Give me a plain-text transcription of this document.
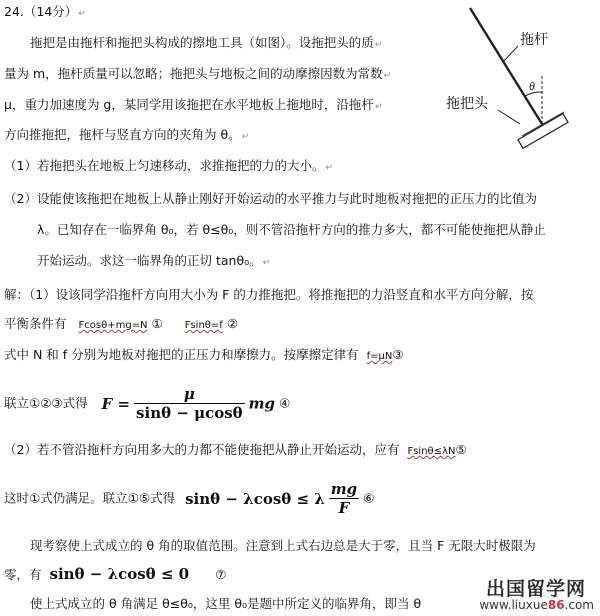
24.（14分）↵
拖把是由拖杆和拖把头构成的擦地工具（如图）。设拖把头的质↵
量为 m，拖杆质量可以忽略；拖把头与地板之间的动摩擦因数为常数↵
μ，重力加速度为 g，某同学用该拖把在水平地板上拖地时，沿拖杆↵
方向推拖把，拖杆与竖直方向的夹角为 θ。↵
（1）若拖把头在地板上匀速移动，求推拖把的力的大小。↵
（2）设能使该拖把在地板上从静止刚好开始运动的水平推力与此时地板对拖把的正压力的比值为
λ。已知存在一临界角 θ₀，若 θ≤θ₀，则不管沿拖杆方向的推力多大，都不可能使拖把从静止
开始运动。求这一临界角的正切 tanθ₀。↵
拖杆
拖把头
θ
解：（1）设该同学沿拖杆方向用大小为 F 的力推拖把。将推拖把的力沿竖直和水平方向分解，按
平衡条件有 Fcosθ+mg=N ① Fsinθ=f ②
式中 N 和 f 分别为地板对拖把的正压力和摩擦力。按摩擦定律有 f=μN③
联立①②③式得 $F = \frac{\mu}{\sin\theta - \mu\cos\theta}$ mg ④
（2）若不管沿拖杆方向用多大的力都不能使拖把从静止开始运动，应有 Fsinθ≤λN⑤
这时①式仍满足。联立①⑤式得 sinθ − λcosθ ≤ λ $\frac{mg}{F}$ ⑥
现考察使上式成立的 θ 角的取值范围。注意到上式右边总是大于零，且当 F 无限大时极限为
零，有 sinθ − λcosθ ≤ 0 ⑦
使上式成立的 θ 角满足 θ≤θ₀，这里 θ₀是题中所定义的临界角，即当 θ
出国留学网
www.liuxue86.com
